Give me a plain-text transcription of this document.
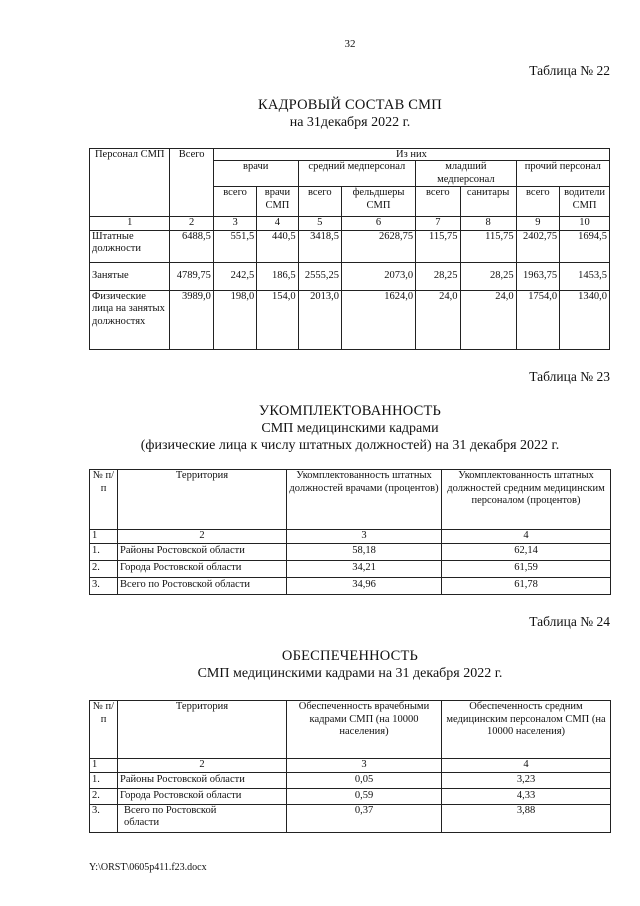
32
Таблица № 22
КАДРОВЫЙ СОСТАВ СМП
на 31декабря 2022 г.
Персонал СМП	Всего	Из них							
		врачи		средний медперсонал		младший медперсонал		прочий персонал	
		всего	врачи СМП	всего	фельдшеры СМП	всего	санитары	всего	водители СМП
1	2	3	4	5	6	7	8	9	10
Штатные должности	6488,5	551,5	440,5	3418,5	2628,75	115,75	115,75	2402,75	1694,5
Занятые	4789,75	242,5	186,5	2555,25	2073,0	28,25	28,25	1963,75	1453,5
Физические лица на занятых должностях	3989,0	198,0	154,0	2013,0	1624,0	24,0	24,0	1754,0	1340,0
Таблица № 23
УКОМПЛЕКТОВАННОСТЬ
СМП медицинскими кадрами
(физические лица к числу штатных должностей) на 31 декабря 2022 г.
№ п/п	Территория	Укомплектованность штатных должностей врачами (процентов)	Укомплектованность штатных должностей средним медицинским персоналом (процентов)
1	2	3	4
1.	Районы Ростовской области	58,18	62,14
2.	Города Ростовской области	34,21	61,59
3.	Всего по Ростовской области	34,96	61,78
Таблица № 24
ОБЕСПЕЧЕННОСТЬ
СМП медицинскими кадрами на 31 декабря 2022 г.
№ п/п	Территория	Обеспеченность врачебными кадрами СМП (на 10000 населения)	Обеспеченность средним медицинским персоналом СМП (на 10000 населения)
1	2	3	4
1.	Районы Ростовской области	0,05	3,23
2.	Города Ростовской области	0,59	4,33
3.	Всего по Ростовской области	0,37	3,88
Y:\ORST\0605p411.f23.docx
